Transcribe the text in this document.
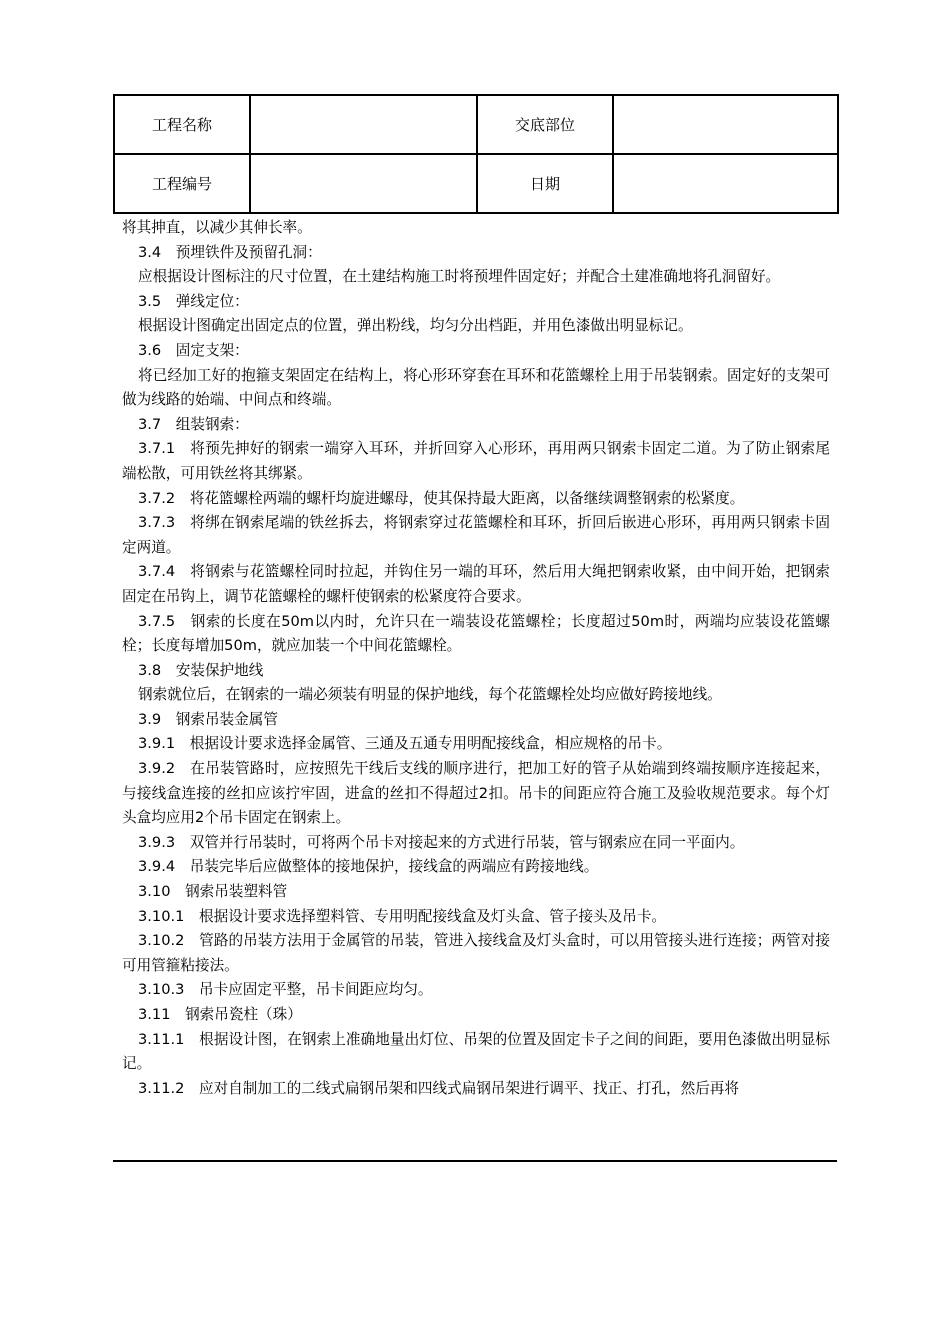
工程名称		交底部位	
工程编号		日期	

将其抻直，以减少其伸长率。

3.4　预埋铁件及预留孔洞：

应根据设计图标注的尺寸位置，在土建结构施工时将预埋件固定好；并配合土建准确地将孔洞留好。

3.5　弹线定位：

根据设计图确定出固定点的位置，弹出粉线，均匀分出档距，并用色漆做出明显标记。

3.6　固定支架：

将已经加工好的抱箍支架固定在结构上，将心形环穿套在耳环和花篮螺栓上用于吊装钢索。固定好的支架可做为线路的始端、中间点和终端。

3.7　组装钢索：

3.7.1　将预先抻好的钢索一端穿入耳环，并折回穿入心形环，再用两只钢索卡固定二道。为了防止钢索尾端松散，可用铁丝将其绑紧。

3.7.2　将花篮螺栓两端的螺杆均旋进螺母，使其保持最大距离，以备继续调整钢索的松紧度。

3.7.3　将绑在钢索尾端的铁丝拆去，将钢索穿过花篮螺栓和耳环，折回后嵌进心形环，再用两只钢索卡固定两道。

3.7.4　将钢索与花篮螺栓同时拉起，并钩住另一端的耳环，然后用大绳把钢索收紧，由中间开始，把钢索固定在吊钩上，调节花篮螺栓的螺杆使钢索的松紧度符合要求。

3.7.5　钢索的长度在50m以内时，允许只在一端装设花篮螺栓；长度超过50m时，两端均应装设花篮螺栓；长度每增加50m，就应加装一个中间花篮螺栓。

3.8　安装保护地线

钢索就位后，在钢索的一端必须装有明显的保护地线，每个花篮螺栓处均应做好跨接地线。

3.9　钢索吊装金属管

3.9.1　根据设计要求选择金属管、三通及五通专用明配接线盒，相应规格的吊卡。

3.9.2　在吊装管路时，应按照先干线后支线的顺序进行，把加工好的管子从始端到终端按顺序连接起来，与接线盒连接的丝扣应该拧牢固，进盒的丝扣不得超过2扣。吊卡的间距应符合施工及验收规范要求。每个灯头盒均应用2个吊卡固定在钢索上。

3.9.3　双管并行吊装时，可将两个吊卡对接起来的方式进行吊装，管与钢索应在同一平面内。

3.9.4　吊装完毕后应做整体的接地保护，接线盒的两端应有跨接地线。

3.10　钢索吊装塑料管

3.10.1　根据设计要求选择塑料管、专用明配接线盒及灯头盒、管子接头及吊卡。

3.10.2　管路的吊装方法用于金属管的吊装，管进入接线盒及灯头盒时，可以用管接头进行连接；两管对接可用管箍粘接法。

3.10.3　吊卡应固定平整，吊卡间距应均匀。

3.11　钢索吊瓷柱（珠）

3.11.1　根据设计图，在钢索上准确地量出灯位、吊架的位置及固定卡子之间的间距，要用色漆做出明显标记。

3.11.2　应对自制加工的二线式扁钢吊架和四线式扁钢吊架进行调平、找正、打孔，然后再将
